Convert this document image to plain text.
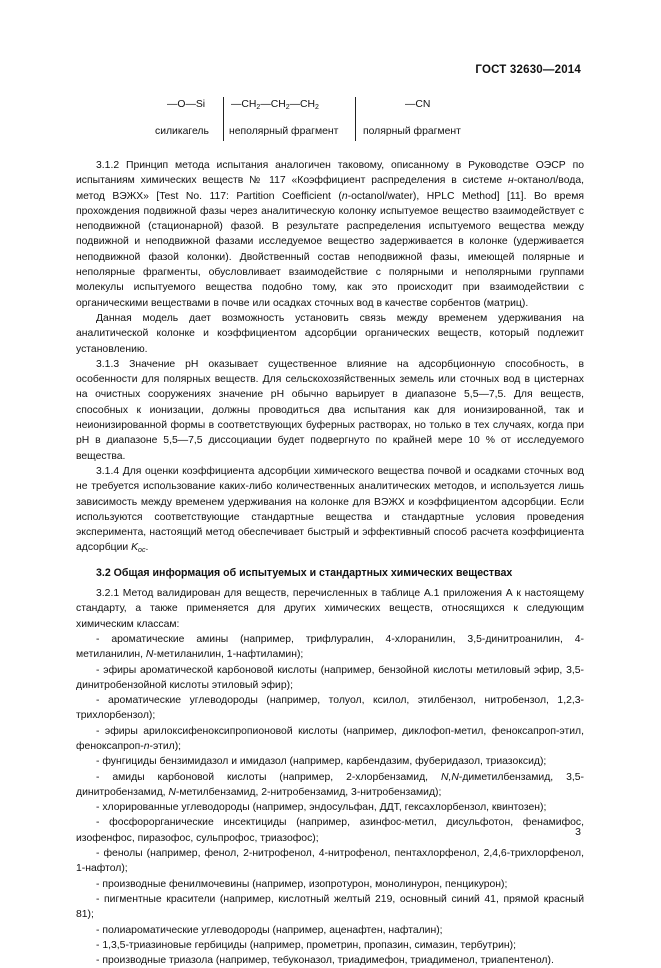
ГОСТ 32630—2014
—O—Si
силикагель
$—CH_2—CH_2—CH_2$
неполярный фрагмент
—CN
полярный фрагмент

3.1.2 Принцип метода испытания аналогичен таковому, описанному в Руководстве ОЭСР по испытаниям химических веществ № 117 «Коэффициент распределения в системе н-октанол/вода, метод ВЭЖХ» [Test No. 117: Partition Coefficient (n-octanol/water), HPLC Method] [11]. Во время прохождения подвижной фазы через аналитическую колонку испытуемое вещество взаимодействует с неподвижной (стационарной) фазой. В результате распределения испытуемого вещества между подвижной и неподвижной фазами исследуемое вещество задерживается в колонке (удерживается неподвижной фазой колонки). Двойственный состав неподвижной фазы, имеющей полярные и неполярные фрагменты, обусловливает взаимодействие с полярными и неполярными группами молекулы испытуемого вещества подобно тому, как это происходит при взаимодействии с органическими веществами в почве или осадках сточных вод в качестве сорбентов (матриц).

Данная модель дает возможность установить связь между временем удерживания на аналитической колонке и коэффициентом адсорбции органических веществ, который подлежит установлению.

3.1.3 Значение pH оказывает существенное влияние на адсорбционную способность, в особенности для полярных веществ. Для сельскохозяйственных земель или сточных вод в цистернах на очистных сооружениях значение pH обычно варьирует в диапазоне 5,5—7,5. Для веществ, способных к ионизации, должны проводиться два испытания как для ионизированной, так и неионизированной формы в соответствующих буферных растворах, но только в тех случаях, когда при pH в диапазоне 5,5—7,5 диссоциации будет подвергнуто по крайней мере 10 % от исследуемого вещества.

3.1.4 Для оценки коэффициента адсорбции химического вещества почвой и осадками сточных вод не требуется использование каких-либо количественных аналитических методов, и используется лишь зависимость между временем удерживания на колонке для ВЭЖХ и коэффициентом адсорбции. Если используются соответствующие стандартные вещества и стандартные условия проведения эксперимента, настоящий метод обеспечивает быстрый и эффективный способ расчета коэффициента адсорбции $K_{oc}$.

3.2 Общая информация об испытуемых и стандартных химических веществах

3.2.1 Метод валидирован для веществ, перечисленных в таблице А.1 приложения А к настоящему стандарту, а также применяется для других химических веществ, относящихся к следующим химическим классам:

- ароматические амины (например, трифлуралин, 4-хлоранилин, 3,5-динитроанилин, 4-метиланилин, N-метиланилин, 1-нафтиламин);

- эфиры ароматической карбоновой кислоты (например, бензойной кислоты метиловый эфир, 3,5-динитробензойной кислоты этиловый эфир);

- ароматические углеводороды (например, толуол, ксилол, этилбензол, нитробензол, 1,2,3-трихлорбензол);

- эфиры арилоксифеноксипропионовой кислоты (например, диклофоп-метил, феноксапроп-этил, феноксапроп-n-этил);

- фунгициды бензимидазол и имидазол (например, карбендазим, фуберидазол, триазоксид);

- амиды карбоновой кислоты (например, 2-хлорбензамид, N,N-диметилбензамид, 3,5-динитробензамид, N-метилбензамид, 2-нитробензамид, 3-нитробензамид);

- хлорированные углеводороды (например, эндосульфан, ДДТ, гексахлорбензол, квинтозен);

- фосфорорганические инсектициды (например, азинфос-метил, дисульфотон, фенамифос, изофенфос, пиразофос, сульпрофос, триазофос);

- фенолы (например, фенол, 2-нитрофенол, 4-нитрофенол, пентахлорфенол, 2,4,6-трихлорфенол, 1-нафтол);

- производные фенилмочевины (например, изопротурон, монолинурон, пенцикурон);

- пигментные красители (например, кислотный желтый 219, основный синий 41, прямой красный 81);

- полиароматические углеводороды (например, аценафтен, нафталин);

- 1,3,5-триазиновые гербициды (например, прометрин, пропазин, симазин, тербутрин);

- производные триазола (например, тебуконазол, триадимефон, триадименол, триапентенол).

3
